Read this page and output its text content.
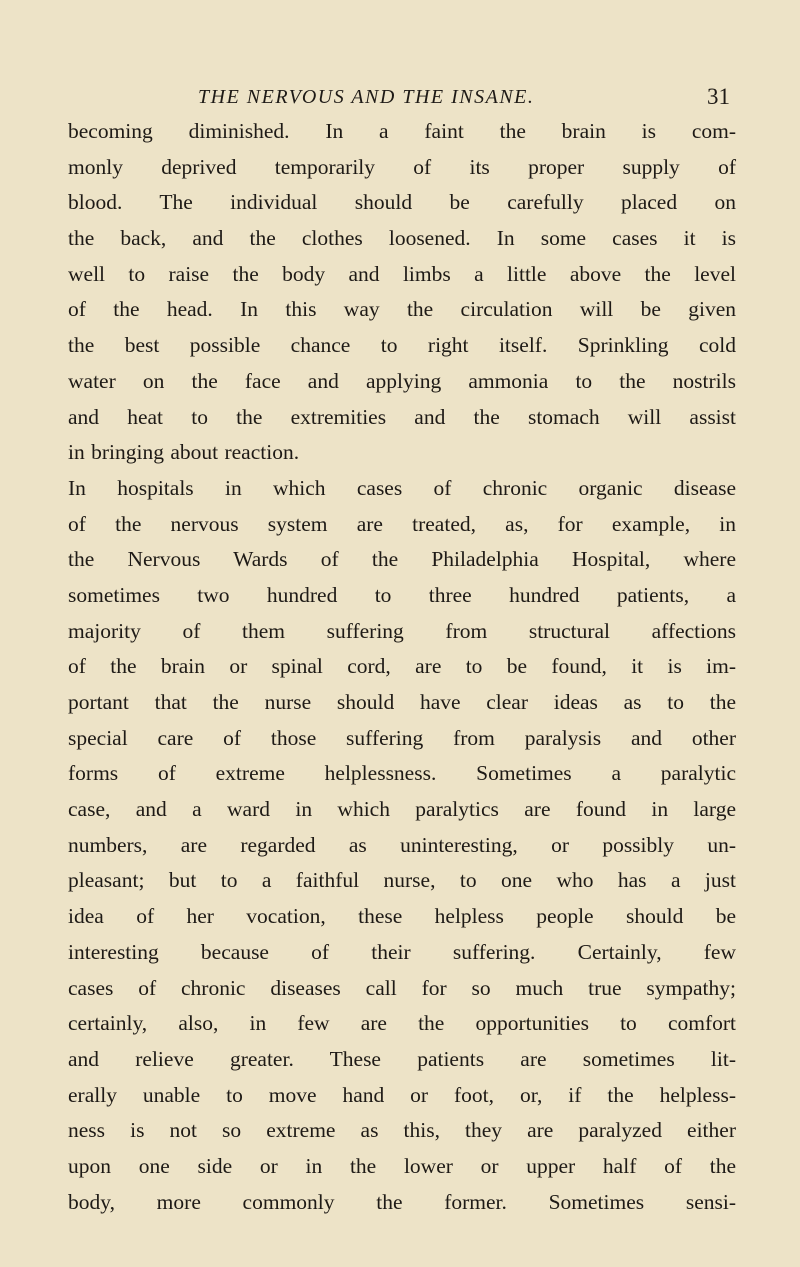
THE NERVOUS AND THE INSANE.	31
becoming diminished. In a faint the brain is com-
monly deprived temporarily of its proper supply of
blood. The individual should be carefully placed on
the back, and the clothes loosened. In some cases it is
well to raise the body and limbs a little above the level
of the head. In this way the circulation will be given
the best possible chance to right itself. Sprinkling cold
water on the face and applying ammonia to the nostrils
and heat to the extremities and the stomach will assist
in bringing about reaction.
In hospitals in which cases of chronic organic disease
of the nervous system are treated, as, for example, in
the Nervous Wards of the Philadelphia Hospital, where
sometimes two hundred to three hundred patients, a
majority of them suffering from structural affections
of the brain or spinal cord, are to be found, it is im-
portant that the nurse should have clear ideas as to the
special care of those suffering from paralysis and other
forms of extreme helplessness. Sometimes a paralytic
case, and a ward in which paralytics are found in large
numbers, are regarded as uninteresting, or possibly un-
pleasant; but to a faithful nurse, to one who has a just
idea of her vocation, these helpless people should be
interesting because of their suffering. Certainly, few
cases of chronic diseases call for so much true sympathy;
certainly, also, in few are the opportunities to comfort
and relieve greater. These patients are sometimes lit-
erally unable to move hand or foot, or, if the helpless-
ness is not so extreme as this, they are paralyzed either
upon one side or in the lower or upper half of the
body, more commonly the former. Sometimes sensi-
